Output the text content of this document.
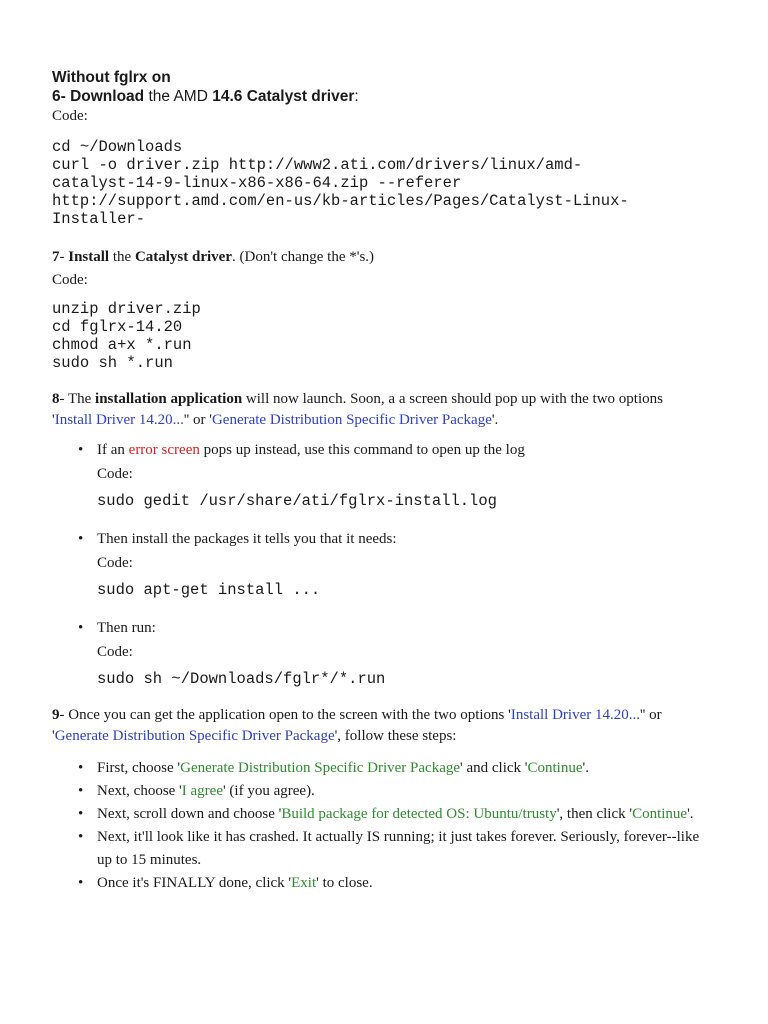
Without fglrx on
6- Download the AMD 14.6 Catalyst driver:
Code:
cd ~/Downloads
curl -o driver.zip http://www2.ati.com/drivers/linux/amd-
catalyst-14-9-linux-x86-x86-64.zip --referer
http://support.amd.com/en-us/kb-articles/Pages/Catalyst-Linux-
Installer-
7- Install the Catalyst driver. (Don't change the *'s.)
Code:
unzip driver.zip
cd fglrx-14.20
chmod a+x *.run
sudo sh *.run
8- The installation application will now launch. Soon, a a screen should pop up with the two options 'Install Driver 14.20...'' or 'Generate Distribution Specific Driver Package'.
• If an error screen pops up instead, use this command to open up the log
Code:
sudo gedit /usr/share/ati/fglrx-install.log
• Then install the packages it tells you that it needs:
Code:
sudo apt-get install ...
• Then run:
Code:
sudo sh ~/Downloads/fglr*/*.run
9- Once you can get the application open to the screen with the two options 'Install Driver 14.20...'' or 'Generate Distribution Specific Driver Package', follow these steps:
• First, choose 'Generate Distribution Specific Driver Package' and click 'Continue'.
• Next, choose 'I agree' (if you agree).
• Next, scroll down and choose 'Build package for detected OS: Ubuntu/trusty', then click 'Continue'.
• Next, it'll look like it has crashed. It actually IS running; it just takes forever. Seriously, forever--like up to 15 minutes.
• Once it's FINALLY done, click 'Exit' to close.
